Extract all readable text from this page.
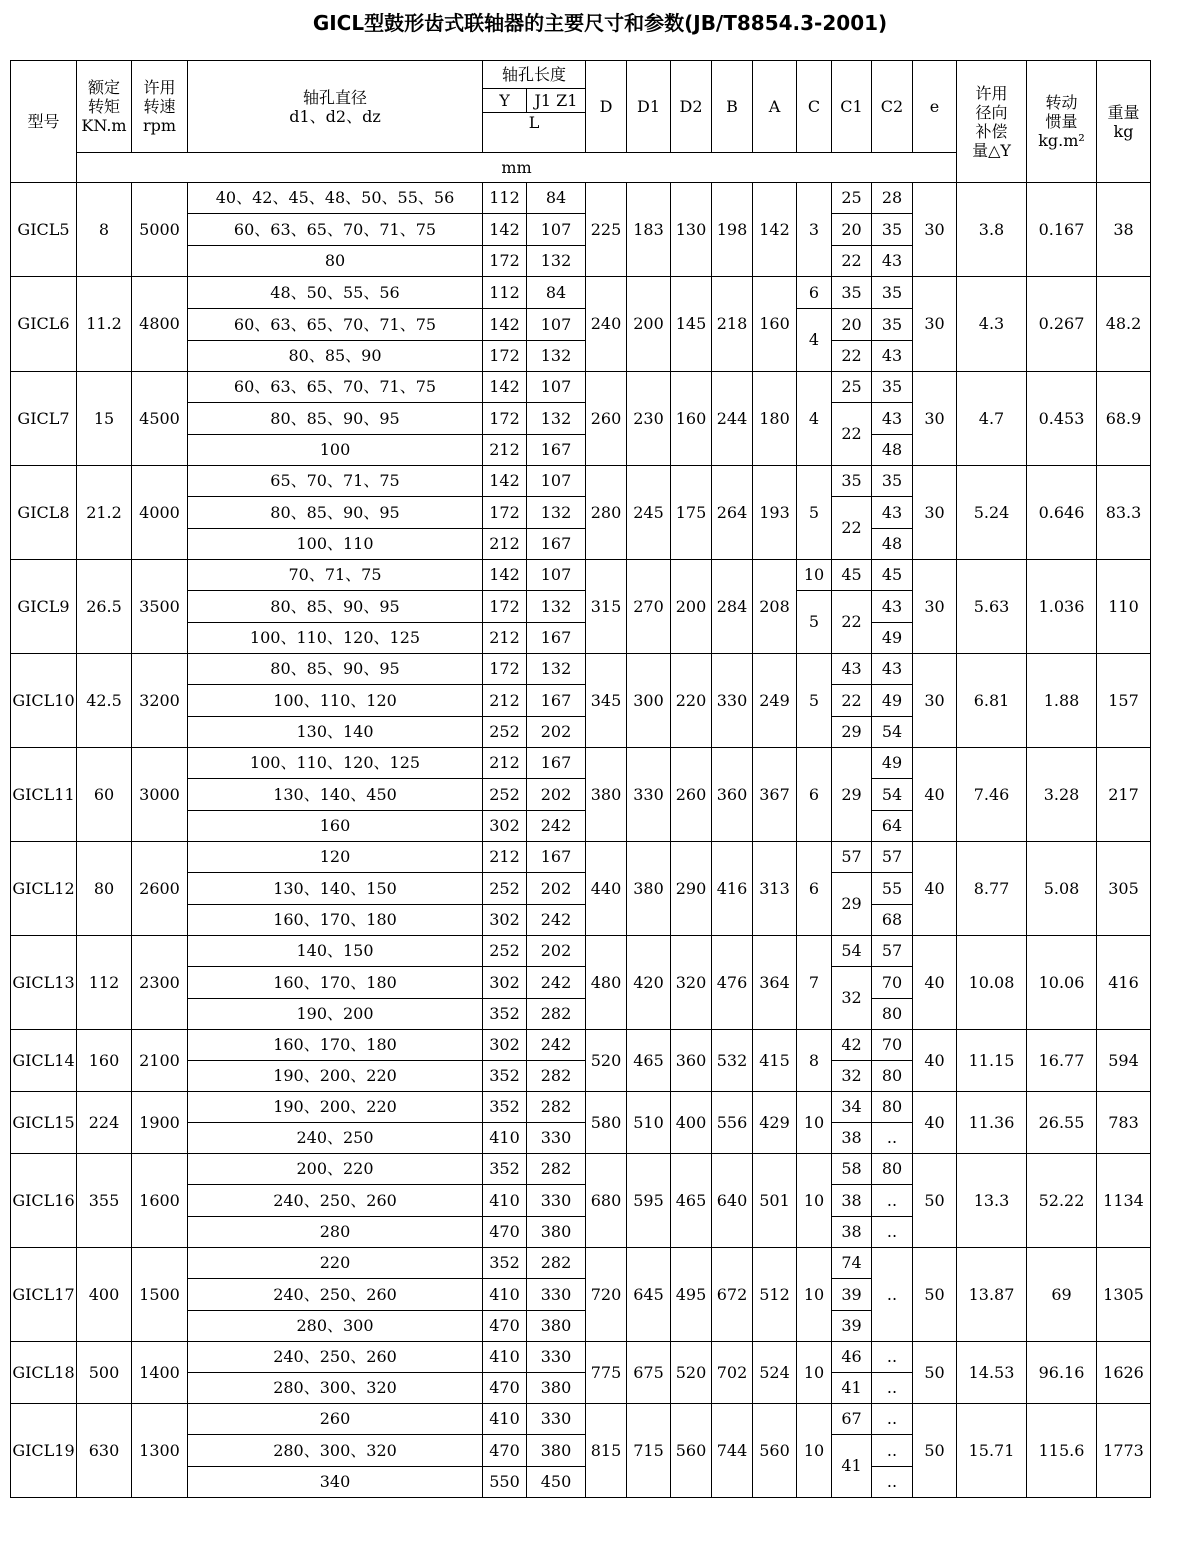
GICL型鼓形齿式联轴器的主要尺寸和参数(JB/T8854.3-2001)
型号	额定
转矩
KN.m	许用
转速
rpm	轴孔直径
d1、d2、dz	轴孔长度		D	D1	D2	B	A	C	C1	C2	e	许用
径向
补偿
量△Y	转动
惯量
kg.m²	重量
kg

				Y	J1 Z1												
				L													
	mm																
GICL5	8	5000	40、42、45、48、50、55、56	112	84	225	183	130	198	142	3	25	28	30	3.8	0.167	38
			60、63、65、70、71、75	142	107							20	35				
			80	172	132							22	43				
GICL6	11.2	4800	48、50、55、56	112	84	240	200	145	218	160	6	35	35	30	4.3	0.267	48.2
			60、63、65、70、71、75	142	107						4	20	35				
			80、85、90	172	132							22	43				
GICL7	15	4500	60、63、65、70、71、75	142	107	260	230	160	244	180	4	25	35	30	4.7	0.453	68.9
			80、85、90、95	172	132							22	43				
			100	212	167								48				
GICL8	21.2	4000	65、70、71、75	142	107	280	245	175	264	193	5	35	35	30	5.24	0.646	83.3
			80、85、90、95	172	132							22	43				
			100、110	212	167								48				
GICL9	26.5	3500	70、71、75	142	107	315	270	200	284	208	10	45	45	30	5.63	1.036	110
			80、85、90、95	172	132						5	22	43				
			100、110、120、125	212	167								49				
GICL10	42.5	3200	80、85、90、95	172	132	345	300	220	330	249	5	43	43	30	6.81	1.88	157
			100、110、120	212	167							22	49				
			130、140	252	202							29	54				
GICL11	60	3000	100、110、120、125	212	167	380	330	260	360	367	6	29	49	40	7.46	3.28	217
			130、140、450	252	202								54				
			160	302	242								64				
GICL12	80	2600	120	212	167	440	380	290	416	313	6	57	57	40	8.77	5.08	305
			130、140、150	252	202							29	55				
			160、170、180	302	242								68				
GICL13	112	2300	140、150	252	202	480	420	320	476	364	7	54	57	40	10.08	10.06	416
			160、170、180	302	242							32	70				
			190、200	352	282								80				
GICL14	160	2100	160、170、180	302	242	520	465	360	532	415	8	42	70	40	11.15	16.77	594
			190、200、220	352	282							32	80				
GICL15	224	1900	190、200、220	352	282	580	510	400	556	429	10	34	80	40	11.36	26.55	783
			240、250	410	330							38	..				
GICL16	355	1600	200、220	352	282	680	595	465	640	501	10	58	80	50	13.3	52.22	1134
			240、250、260	410	330							38	..				
			280	470	380							38	..				
GICL17	400	1500	220	352	282	720	645	495	672	512	10	74	..	50	13.87	69	1305
			240、250、260	410	330							39					
			280、300	470	380							39					
GICL18	500	1400	240、250、260	410	330	775	675	520	702	524	10	46	..	50	14.53	96.16	1626
			280、300、320	470	380							41	..				
GICL19	630	1300	260	410	330	815	715	560	744	560	10	67	..	50	15.71	115.6	1773
			280、300、320	470	380							41	..				
			340	550	450								..				
